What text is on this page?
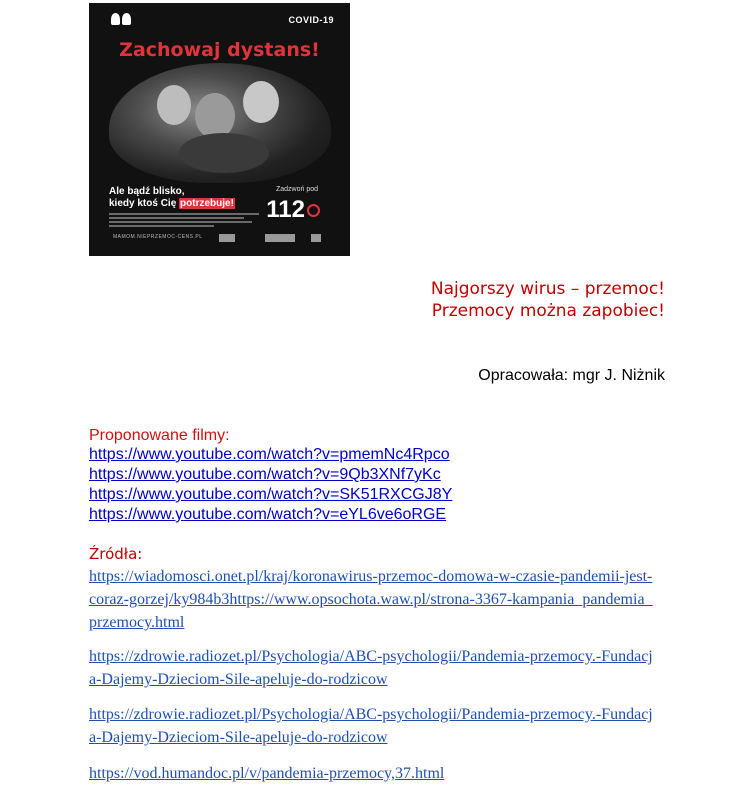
COVID-19
Zachowaj dystans!
Ale bądź blisko,
kiedy ktoś Cię potrzebuje!
Zadzwoń pod
112
MAMOM.NIEPRZEMOC-CENS.PL
Najgorszy wirus – przemoc!
Przemocy można zapobiec!
Opracowała: mgr J. Niżnik
Proponowane filmy:
https://www.youtube.com/watch?v=pmemNc4Rpco
https://www.youtube.com/watch?v=9Qb3XNf7yKc
https://www.youtube.com/watch?v=SK51RXCGJ8Y
https://www.youtube.com/watch?v=eYL6ve6oRGE
Źródła:
https://wiadomosci.onet.pl/kraj/koronawirus-przemoc-domowa-w-czasie-pandemii-jest-coraz-gorzej/ky984b3https://www.opsochota.waw.pl/strona-3367-kampania_pandemia_przemocy.html
https://zdrowie.radiozet.pl/Psychologia/ABC-psychologii/Pandemia-przemocy.-Fundacja-Dajemy-Dzieciom-Sile-apeluje-do-rodzicow
https://zdrowie.radiozet.pl/Psychologia/ABC-psychologii/Pandemia-przemocy.-Fundacja-Dajemy-Dzieciom-Sile-apeluje-do-rodzicow
https://vod.humandoc.pl/v/pandemia-przemocy,37.html
